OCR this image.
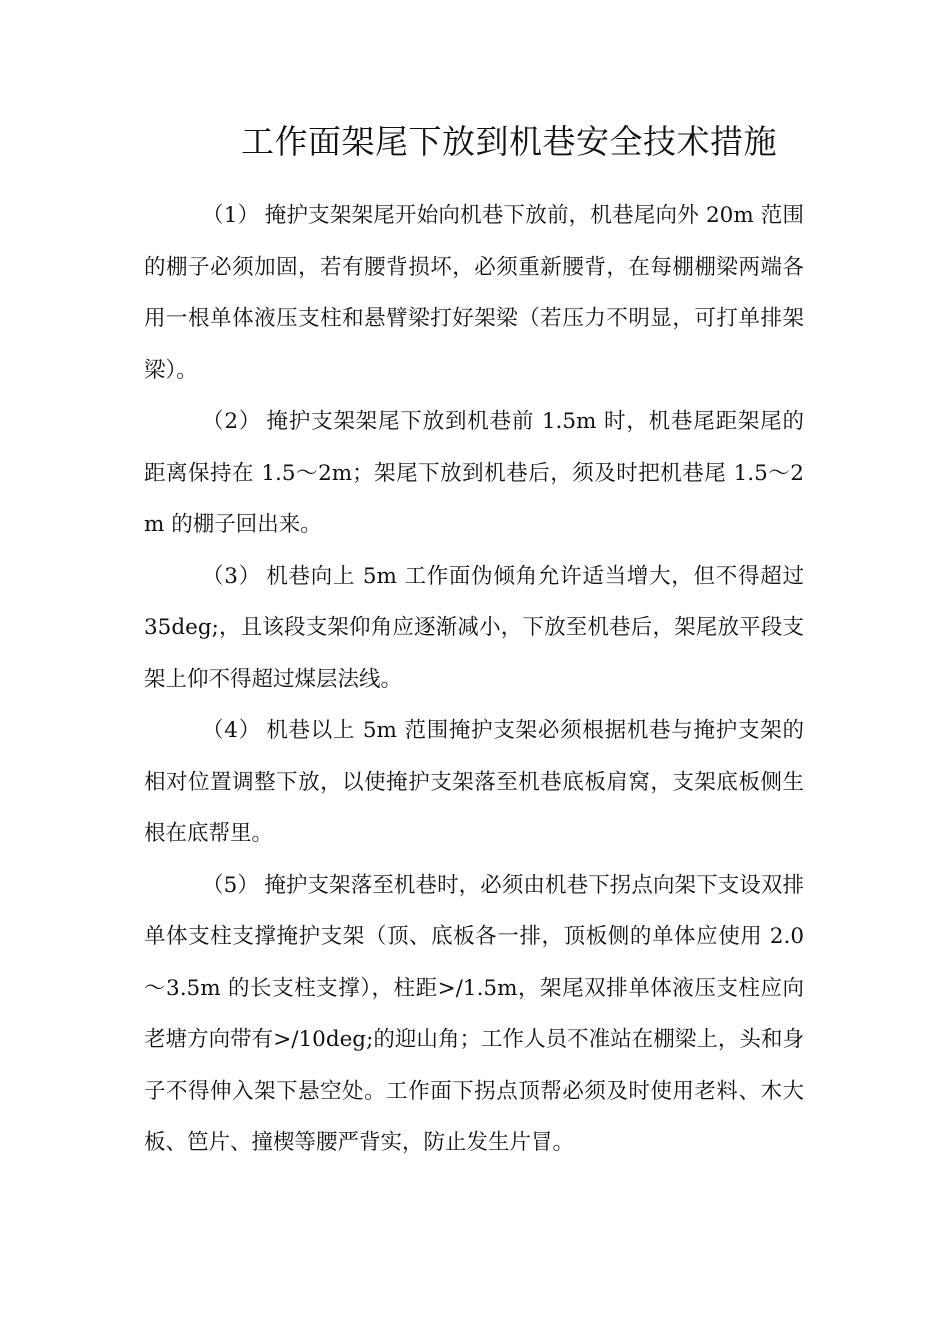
工作面架尾下放到机巷安全技术措施

（1） 掩护支架架尾开始向机巷下放前，机巷尾向外 20m 范围的棚子必须加固，若有腰背损坏，必须重新腰背，在每棚棚梁两端各用一根单体液压支柱和悬臂梁打好架梁（若压力不明显，可打单排架梁）。

（2） 掩护支架架尾下放到机巷前 1.5m 时，机巷尾距架尾的距离保持在 1.5～2m；架尾下放到机巷后，须及时把机巷尾 1.5～2m 的棚子回出来。

（3） 机巷向上 5m 工作面伪倾角允许适当增大，但不得超过 35deg;，且该段支架仰角应逐渐减小，下放至机巷后，架尾放平段支架上仰不得超过煤层法线。

（4） 机巷以上 5m 范围掩护支架必须根据机巷与掩护支架的相对位置调整下放，以使掩护支架落至机巷底板肩窝，支架底板侧生根在底帮里。

（5） 掩护支架落至机巷时，必须由机巷下拐点向架下支设双排单体支柱支撑掩护支架（顶、底板各一排，顶板侧的单体应使用 2.0～3.5m 的长支柱支撑），柱距>/1.5m，架尾双排单体液压支柱应向老塘方向带有>/10deg;的迎山角；工作人员不准站在棚梁上，头和身子不得伸入架下悬空处。工作面下拐点顶帮必须及时使用老料、木大板、笆片、撞楔等腰严背实，防止发生片冒。
